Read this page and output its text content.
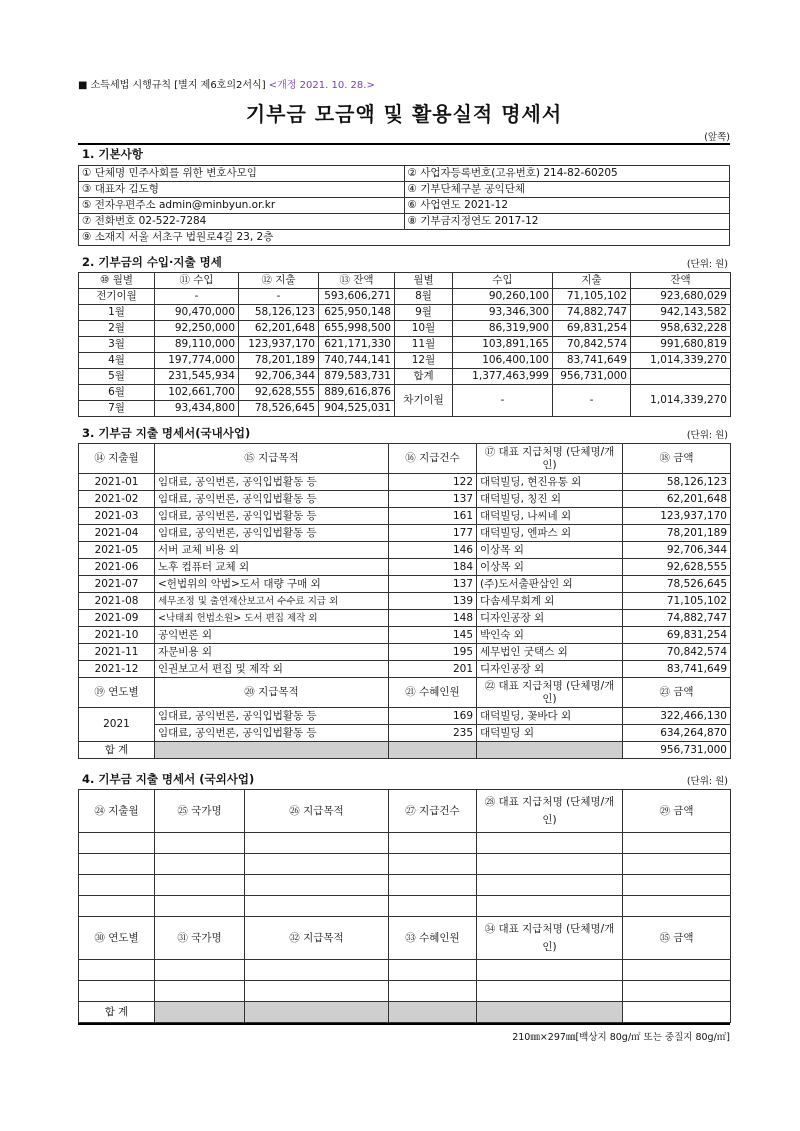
■ 소득세법 시행규칙 [별지 제6호의2서식] <개정 2021. 10. 28.>
기부금 모금액 및 활용실적 명세서
(앞쪽)
1. 기본사항
① 단체명 민주사회를 위한 변호사모임	② 사업자등록번호(고유번호) 214-82-60205
③ 대표자 김도형	④ 기부단체구분 공익단체
⑤ 전자우편주소 admin@minbyun.or.kr	⑥ 사업연도 2021-12
⑦ 전화번호 02-522-7284	⑧ 기부금지정연도 2017-12
⑨ 소재지 서울 서초구 법원로4길 23, 2층	
2. 기부금의 수입·지출 명세	(단위: 원)
⑩ 월별	⑪ 수입	⑫ 지출	⑬ 잔액	월별	수입	지출	잔액
전기이월	-	-	593,606,271	8월	90,260,100	71,105,102	923,680,029
1월	90,470,000	58,126,123	625,950,148	9월	93,346,300	74,882,747	942,143,582
2월	92,250,000	62,201,648	655,998,500	10월	86,319,900	69,831,254	958,632,228
3월	89,110,000	123,937,170	621,171,330	11월	103,891,165	70,842,574	991,680,819
4월	197,774,000	78,201,189	740,744,141	12월	106,400,100	83,741,649	1,014,339,270
5월	231,545,934	92,706,344	879,583,731	합계	1,377,463,999	956,731,000	
6월	102,661,700	92,628,555	889,616,876	차기이월	-	-	1,014,339,270
7월	93,434,800	78,526,645	904,525,031				
3. 기부금 지출 명세서(국내사업)	(단위: 원)
⑭ 지출월	⑮ 지급목적	⑯ 지급건수	⑰ 대표 지급처명 (단체명/개인)	⑱ 금액
2021-01	임대료, 공익번론, 공익입법활동 등	122	대덕빌딩, 현진유통 외	58,126,123
2021-02	임대료, 공익번론, 공익입법활동 등	137	대덕빌딩, 칭진 외	62,201,648
2021-03	임대료, 공익번론, 공익입법활동 등	161	대덕빌딩, 나씨네 외	123,937,170
2021-04	임대료, 공익번론, 공익입법활동 등	177	대덕빌딩, 엔파스 외	78,201,189
2021-05	서버 교체 비용 외	146	이상목 외	92,706,344
2021-06	노후 컴퓨터 교체 외	184	이상목 외	92,628,555
2021-07	<헌법위의 악법>도서 대량 구매 외	137	(주)도서출판삼인 외	78,526,645
2021-08	세무조정 및 출연재산보고서 수수료 지급 외	139	다솜세무회계 외	71,105,102
2021-09	<낙태죄 헌법소원> 도서 편집 제작 외	148	디자인공장 외	74,882,747
2021-10	공익번론 외	145	박인숙 외	69,831,254
2021-11	자문비용 외	195	세무법인 굿택스 외	70,842,574
2021-12	인권보고서 편집 및 제작 외	201	디자인공장 외	83,741,649
⑲ 연도별	⑳ 지급목적	㉑ 수혜인원	㉒ 대표 지급처명 (단체명/개인)	㉓ 금액
2021	임대료, 공익번론, 공익입법활동 등	169	대덕빌딩, 꽃바다 외	322,466,130
	임대료, 공익번론, 공익입법활동 등	235	대덕빌딩 외	634,264,870
합 계				956,731,000
4. 기부금 지출 명세서 (국외사업)	(단위: 원)
㉔ 지출월	㉕ 국가명	㉖ 지급목적	㉗ 지급건수	㉘ 대표 지급처명 (단체명/개인)	㉙ 금액

㉚ 연도별	㉛ 국가명	㉜ 지급목적	㉝ 수혜인원	㉞ 대표 지급처명 (단체명/개인)	㉟ 금액

합 계					
210㎜×297㎜[백상지 80g/㎡ 또는 중질지 80g/㎡]
